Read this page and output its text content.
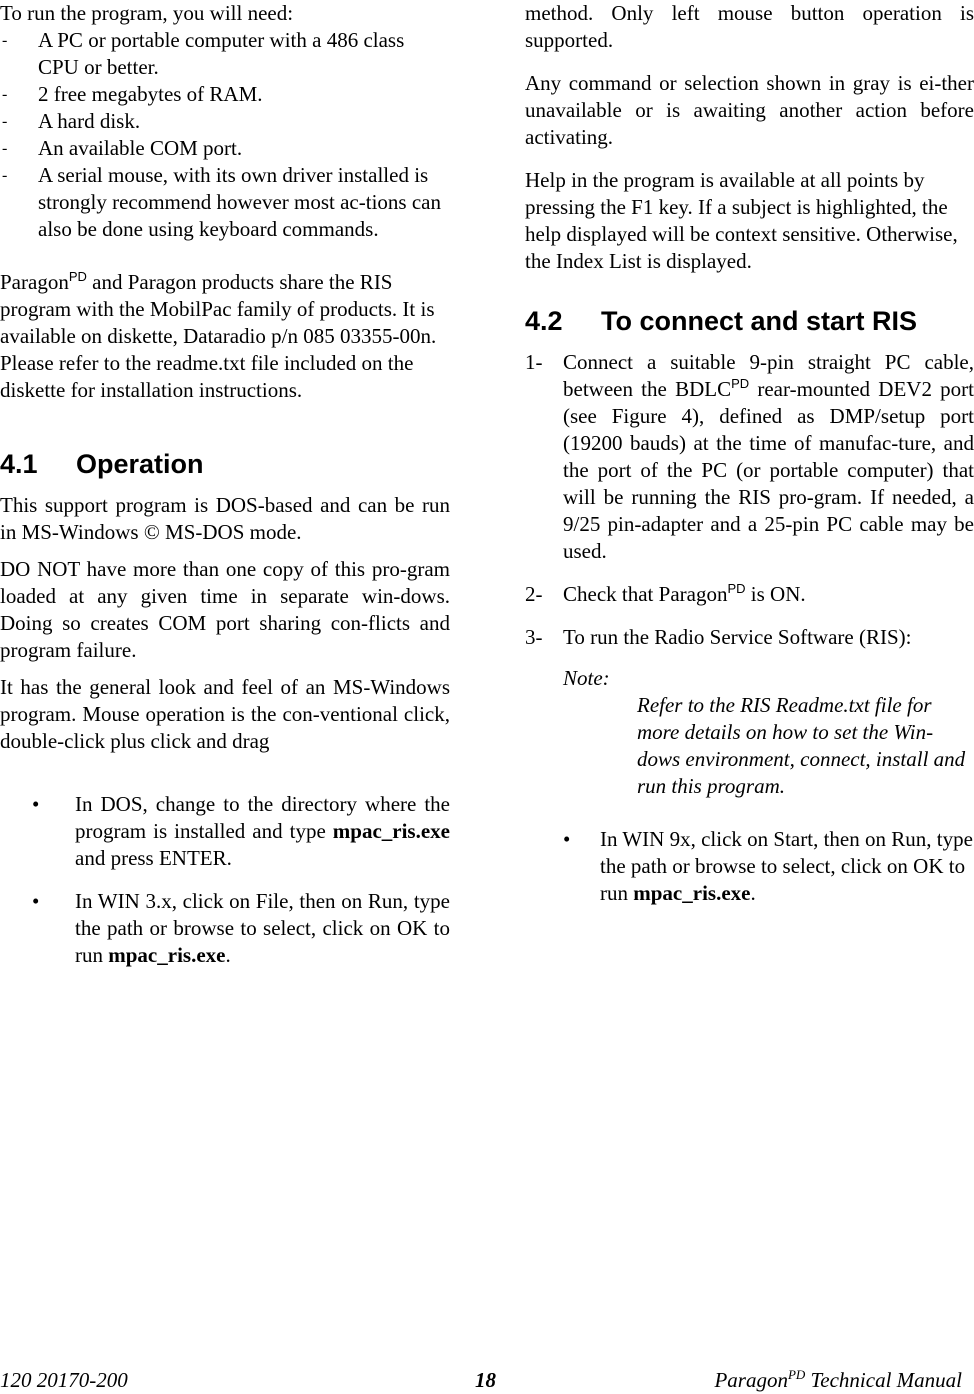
To run the program, you will need:

- A PC or portable computer with a 486 class CPU or better.
- 2 free megabytes of RAM.
- A hard disk.
- An available COM port.
- A serial mouse, with its own driver installed is strongly recommend however most ac-tions can also be done using keyboard commands.

Paragon$^{PD}$ and Paragon products share the RIS program with the MobilPac family of products. It is available on diskette, Dataradio p/n 085 03355-00n. Please refer to the readme.txt file included on the diskette for installation instructions.

4.1 Operation

This support program is DOS-based and can be run in MS-Windows © MS-DOS mode.

DO NOT have more than one copy of this pro-gram loaded at any given time in separate win-dows. Doing so creates COM port sharing con-flicts and program failure.

It has the general look and feel of an MS-Windows program. Mouse operation is the con-ventional click, double-click plus click and drag

• In DOS, change to the directory where the program is installed and type mpac_ris.exe and press ENTER.

• In WIN 3.x, click on File, then on Run, type the path or browse to select, click on OK to run mpac_ris.exe.

method. Only left mouse button operation is supported.

Any command or selection shown in gray is ei-ther unavailable or is awaiting another action before activating.

Help in the program is available at all points by pressing the F1 key. If a subject is highlighted, the help displayed will be context sensitive. Otherwise, the Index List is displayed.

4.2 To connect and start RIS

1- Connect a suitable 9-pin straight PC cable, between the $BDLC^{PD}$ rear-mounted DEV2 port (see Figure 4), defined as DMP/setup port (19200 bauds) at the time of manufac-ture, and the port of the PC (or portable computer) that will be running the RIS pro-gram. If needed, a 9/25 pin-adapter and a 25-pin PC cable may be used.

2- Check that Paragon$^{PD}$ is ON.

3- To run the Radio Service Software (RIS):

Note:

Refer to the RIS Readme.txt file for more details on how to set the Win-dows environment, connect, install and run this program.

• In WIN 9x, click on Start, then on Run, type the path or browse to select, click on OK to run mpac_ris.exe.

120 20170-200	18	Paragon$^{PD}$ Technical Manual
